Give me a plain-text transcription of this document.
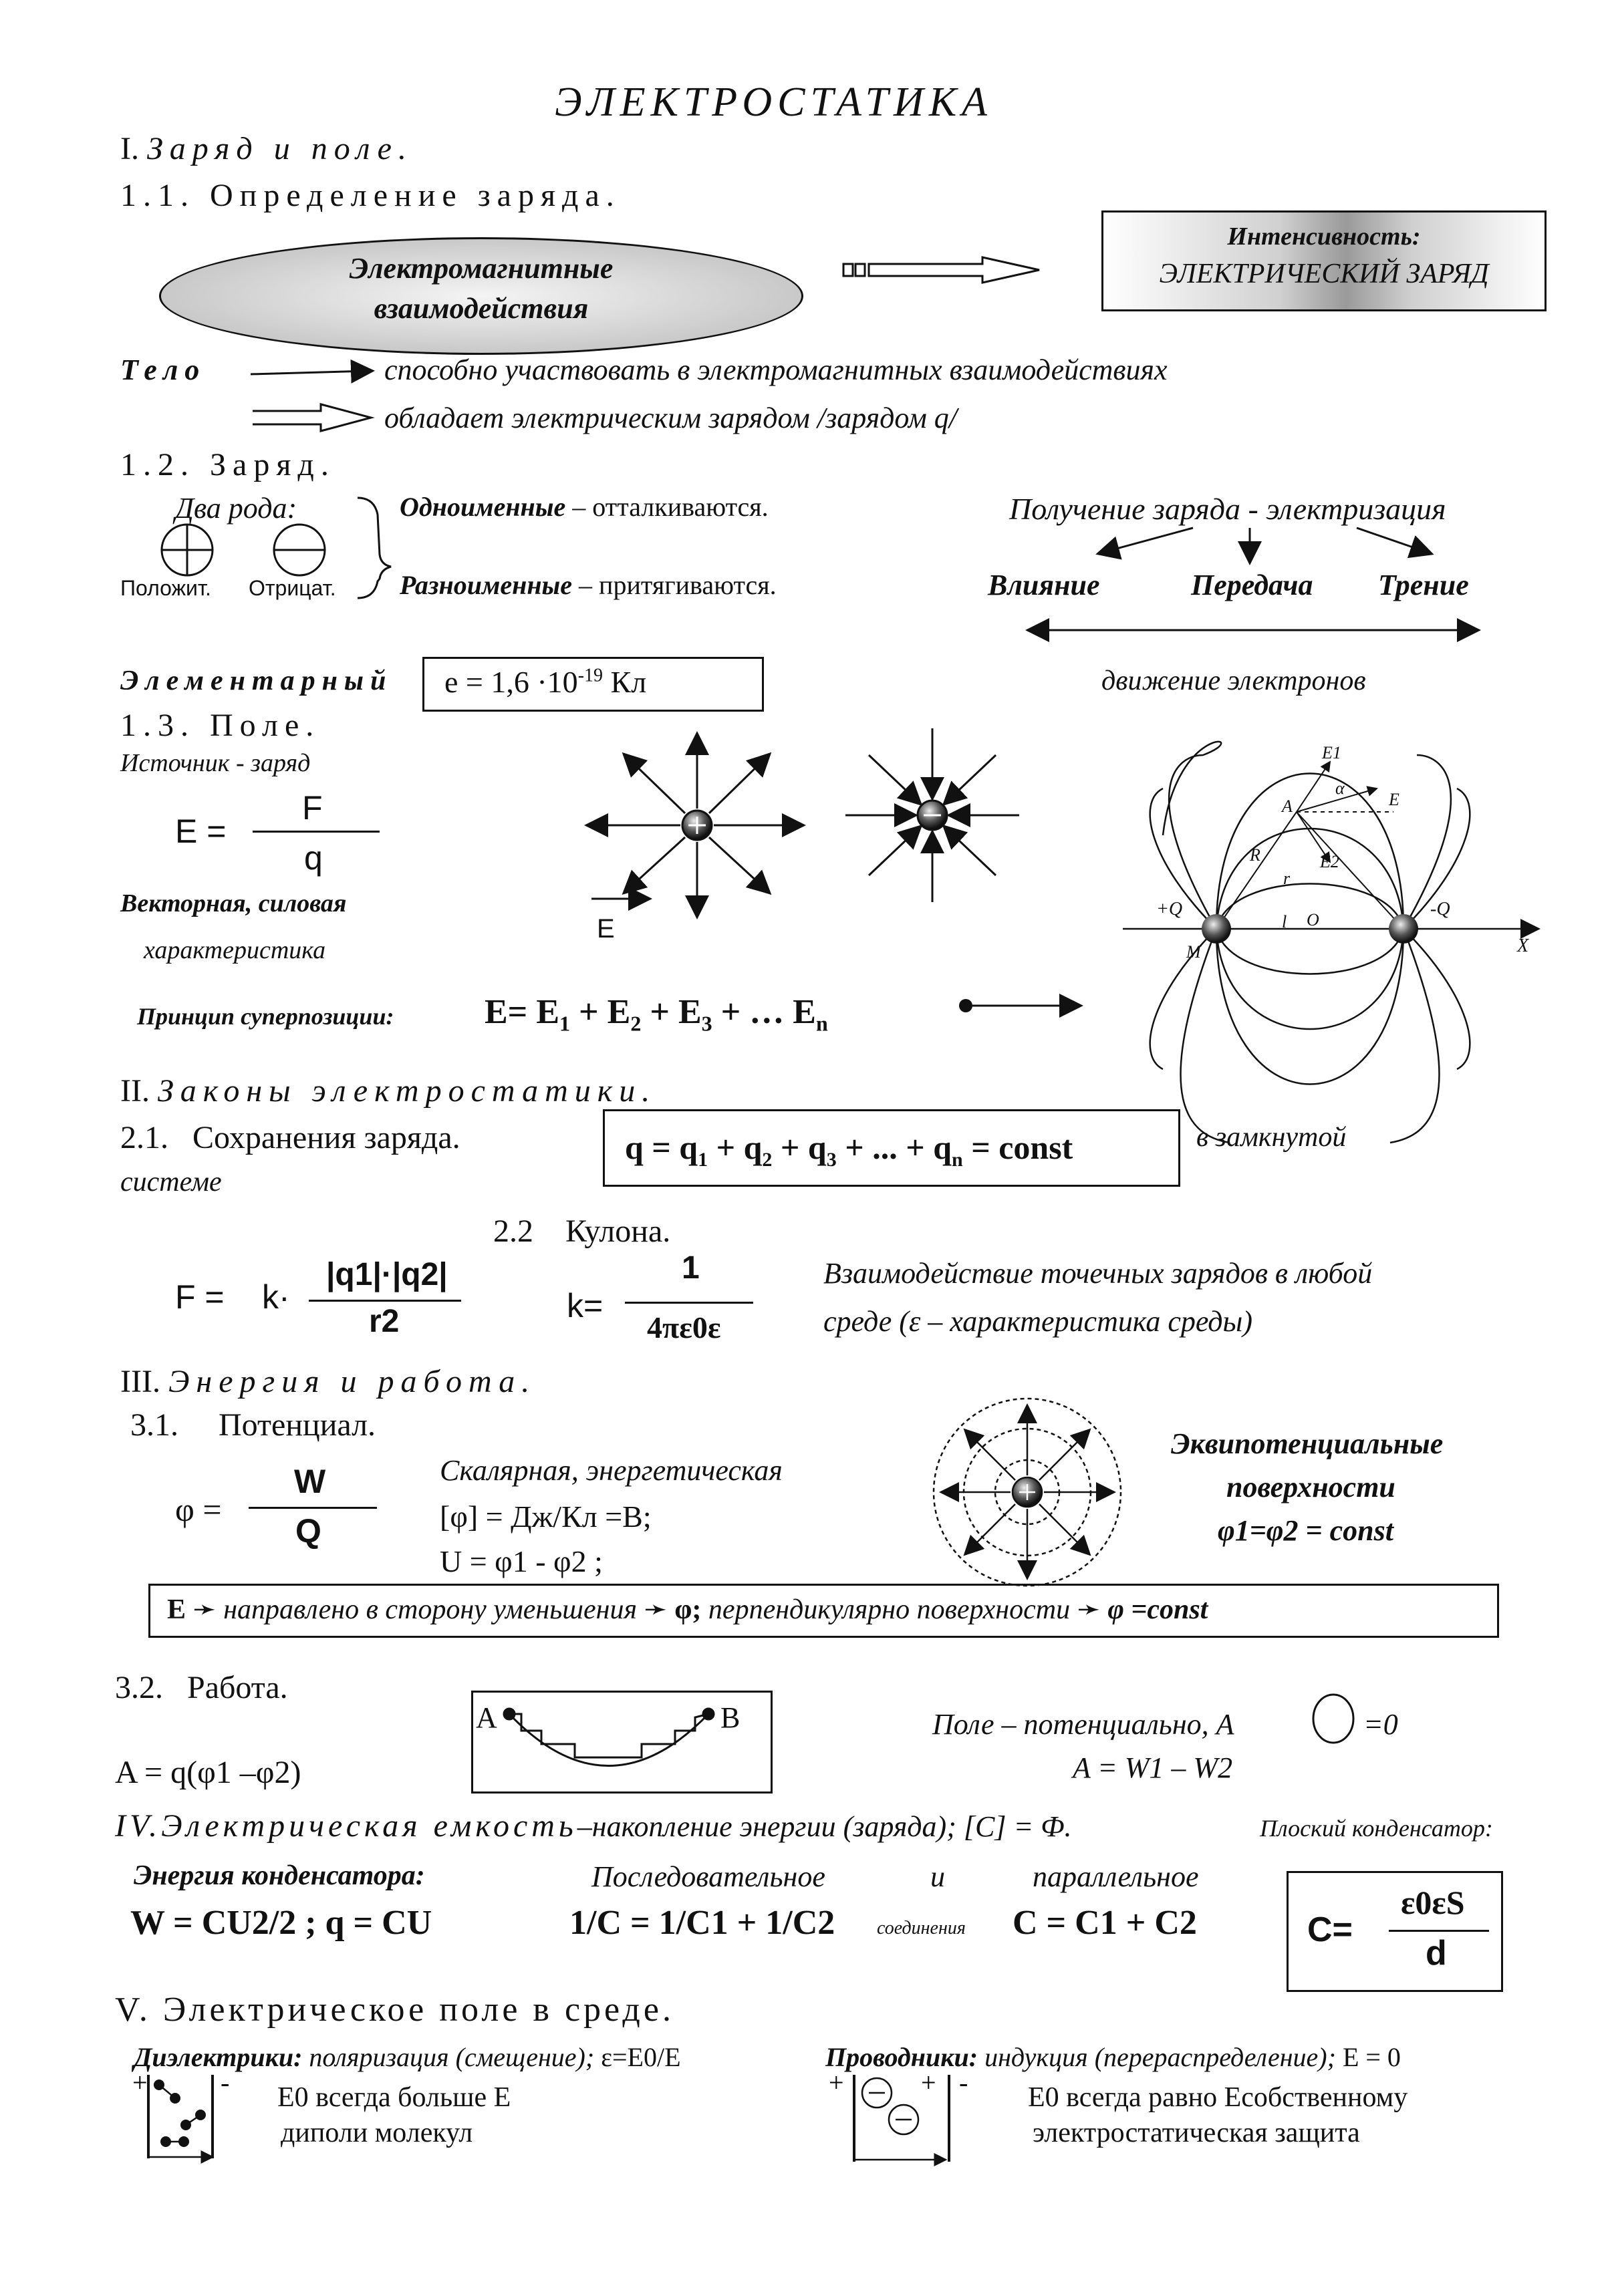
ЭЛЕКТРОСТАТИКА
I. Заряд и поле.
1.1. Определение заряда.
Электромагнитные
взаимодействия
Интенсивность:
ЭЛЕКТРИЧЕСКИЙ ЗАРЯД
Тело	способно участвовать в электромагнитных взаимодействиях
обладает электрическим зарядом /зарядом q/
1.2. Заряд.
Два рода:
Положит. Отрицат.
Одноименные – отталкиваются.
Разноименные – притягиваются.
Получение заряда - электризация
Влияние	Передача Трение
Элементарный $e = 1,6 \cdot 10^{-19}$ Кл	движение электронов
1.3. Поле.
Источник - заряд
E =
F
q
Векторная, силовая
характеристика
E
Принцип суперпозиции:	$E= E_1 + E_2 + E_3$ + … $E_n$
II. Законы электростатики.
2.1.   Сохранения заряда.
системе
$q = q_1 + q_2 + q_3$ + ... + $q_n$ = const	в замкнутой
2.2    Кулона.
F = k·
|q1|·|q2|
r2	k=
1
4πε0ε
Взаимодействие точечных зарядов в любой
среде (ε – характеристика среды)
III. Энергия и работа.
3.1.     Потенциал.
φ =
W
Q
Скалярная, энергетическая
[φ] = Дж/Кл =В;
U = φ1 - φ2 ;
Эквипотенциальные
поверхности
φ1=φ2 = const
E ➛ направлено в сторону уменьшения ➛ φ; перпендикулярно поверхности ➛ φ =const
3.2.   Работа.
A = q(φ1 –φ2)
A	B	Поле – потенциально, A	=0
A = W1 – W2
IV.Электрическая емкость–накопление энергии (заряда); [C] = Ф.	Плоский конденсатор:
Энергия конденсатора:
W = CU2/2 ; q = CU
Последовательное	и	параллельное
1/C = 1/C1 + 1/C2 соединения C = C1 + C2	C=
ε0εS
d
V. Электрическое поле в среде.
Диэлектрики: поляризация (смещение); ε=E0/E
E0 всегда больше E
диполи молекул
Проводники: индукция (перераспределение); E = 0
E0 всегда равно Eсобственному
электростатическая защита
+	-	+	+ -
E1
α
E
A
R
r
E2
+Q	-Q
M
l O
X
